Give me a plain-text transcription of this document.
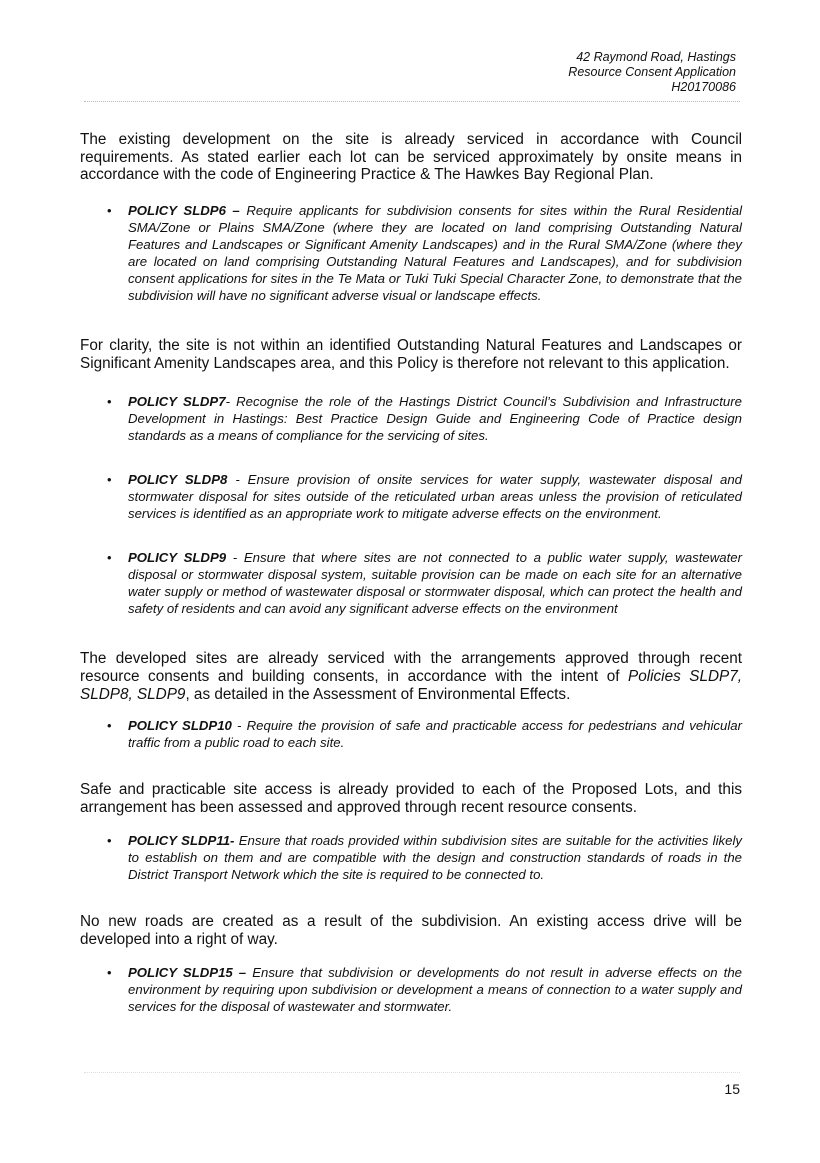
42 Raymond Road, Hastings
Resource Consent Application
H20170086

The existing development on the site is already serviced in accordance with Council requirements. As stated earlier each lot can be serviced approximately by onsite means in accordance with the code of Engineering Practice & The Hawkes Bay Regional Plan.

• POLICY SLDP6 – Require applicants for subdivision consents for sites within the Rural Residential SMA/Zone or Plains SMA/Zone (where they are located on land comprising Outstanding Natural Features and Landscapes or Significant Amenity Landscapes) and in the Rural SMA/Zone (where they are located on land comprising Outstanding Natural Features and Landscapes), and for subdivision consent applications for sites in the Te Mata or Tuki Tuki Special Character Zone, to demonstrate that the subdivision will have no significant adverse visual or landscape effects.

For clarity, the site is not within an identified Outstanding Natural Features and Landscapes or Significant Amenity Landscapes area, and this Policy is therefore not relevant to this application.

• POLICY SLDP7- Recognise the role of the Hastings District Council’s Subdivision and Infrastructure Development in Hastings: Best Practice Design Guide and Engineering Code of Practice design standards as a means of compliance for the servicing of sites.
• POLICY SLDP8 - Ensure provision of onsite services for water supply, wastewater disposal and stormwater disposal for sites outside of the reticulated urban areas unless the provision of reticulated services is identified as an appropriate work to mitigate adverse effects on the environment.
• POLICY SLDP9 - Ensure that where sites are not connected to a public water supply, wastewater disposal or stormwater disposal system, suitable provision can be made on each site for an alternative water supply or method of wastewater disposal or stormwater disposal, which can protect the health and safety of residents and can avoid any significant adverse effects on the environment

The developed sites are already serviced with the arrangements approved through recent resource consents and building consents, in accordance with the intent of Policies SLDP7, SLDP8, SLDP9, as detailed in the Assessment of Environmental Effects.

• POLICY SLDP10 - Require the provision of safe and practicable access for pedestrians and vehicular traffic from a public road to each site.

Safe and practicable site access is already provided to each of the Proposed Lots, and this arrangement has been assessed and approved through recent resource consents.

• POLICY SLDP11- Ensure that roads provided within subdivision sites are suitable for the activities likely to establish on them and are compatible with the design and construction standards of roads in the District Transport Network which the site is required to be connected to.

No new roads are created as a result of the subdivision. An existing access drive will be developed into a right of way.

• POLICY SLDP15 – Ensure that subdivision or developments do not result in adverse effects on the environment by requiring upon subdivision or development a means of connection to a water supply and services for the disposal of wastewater and stormwater.
15
